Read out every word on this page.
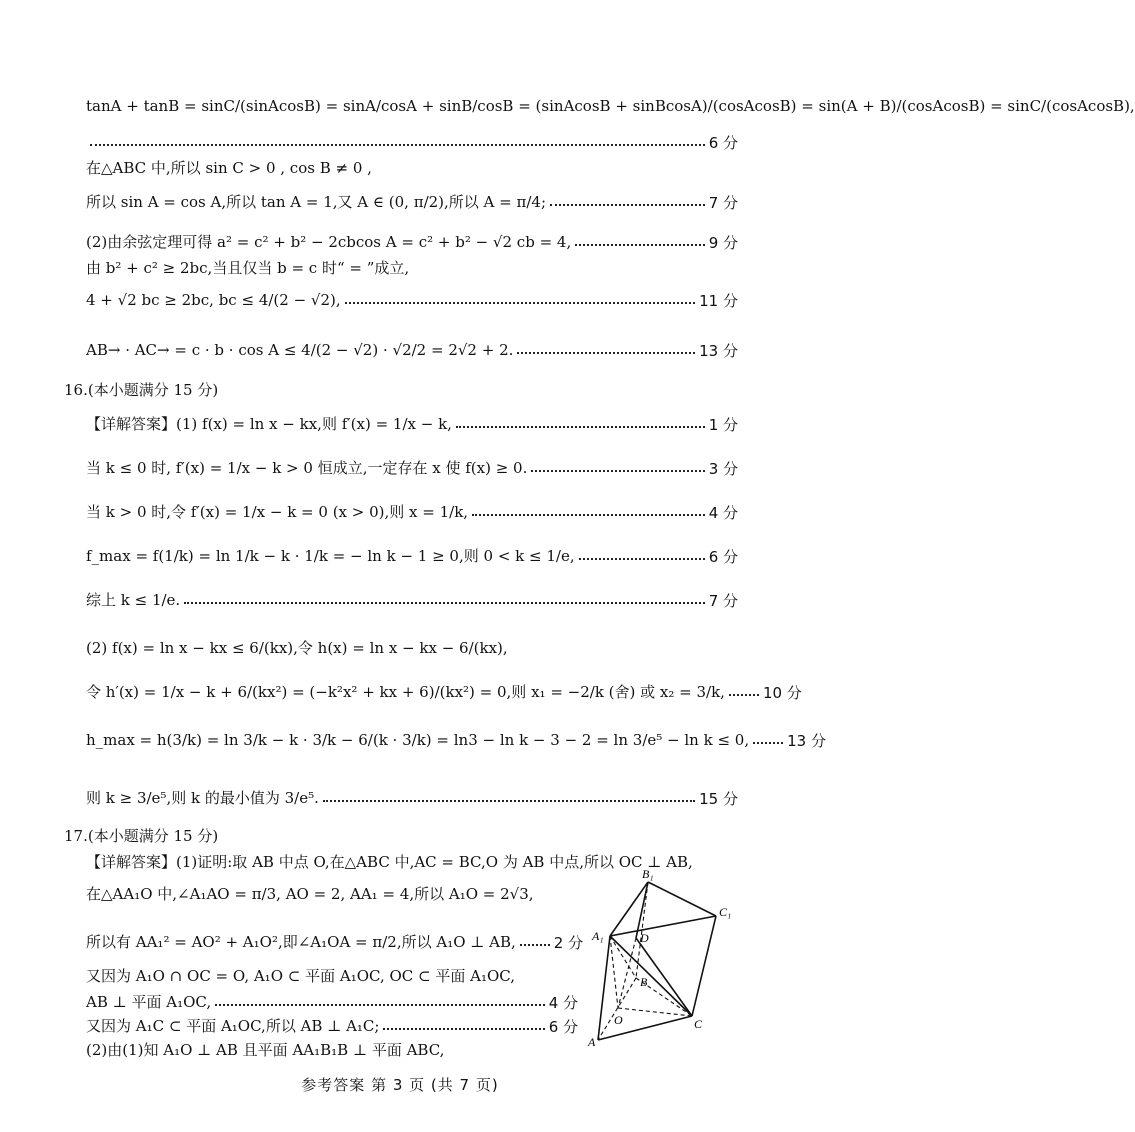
tanA + tanB = sinC/(sinAcosB) = sinA/cosA + sinB/cosB = (sinAcosB + sinBcosA)/(cosAcosB) = sin(A + B)/(cosAcosB) = sinC/(cosAcosB),
6 分
在△ABC 中,所以 sin C > 0 , cos B ≠ 0 ,
所以 sin A = cos A,所以 tan A = 1,又 A ∈ (0, π/2),所以 A = π/4;	7 分
(2)由余弦定理可得 a² = c² + b² − 2cbcos A = c² + b² − √2 cb = 4,	9 分
由 b² + c² ≥ 2bc,当且仅当 b = c 时“ = ”成立,
4 + √2 bc ≥ 2bc, bc ≤ 4/(2 − √2),	11 分
AB→ · AC→ = c · b · cos A ≤ 4/(2 − √2) · √2/2 = 2√2 + 2.	13 分
16.(本小题满分 15 分)
【详解答案】(1) f(x) = ln x − kx,则 f′(x) = 1/x − k,	1 分
当 k ≤ 0 时, f′(x) = 1/x − k > 0 恒成立,一定存在 x 使 f(x) ≥ 0.	3 分
当 k > 0 时,令 f′(x) = 1/x − k = 0 (x > 0),则 x = 1/k,	4 分
f_max = f(1/k) = ln 1/k − k · 1/k = − ln k − 1 ≥ 0,则 0 < k ≤ 1/e,	6 分
综上 k ≤ 1/e.	7 分
(2) f(x) = ln x − kx ≤ 6/(kx),令 h(x) = ln x − kx − 6/(kx),
令 h′(x) = 1/x − k + 6/(kx²) = (−k²x² + kx + 6)/(kx²) = 0,则 x₁ = −2/k (舍) 或 x₂ = 3/k,	10 分
h_max = h(3/k) = ln 3/k − k · 3/k − 6/(k · 3/k) = ln3 − ln k − 3 − 2 = ln 3/e⁵ − ln k ≤ 0,	13 分
则 k ≥ 3/e⁵,则 k 的最小值为 3/e⁵.	15 分
17.(本小题满分 15 分)
【详解答案】(1)证明:取 AB 中点 O,在△ABC 中,AC = BC,O 为 AB 中点,所以 OC ⊥ AB,
在△AA₁O 中,∠A₁AO = π/3, AO = 2, AA₁ = 4,所以 A₁O = 2√3,
所以有 AA₁² = AO² + A₁O²,即∠A₁OA = π/2,所以 A₁O ⊥ AB,	2 分
又因为 A₁O ∩ OC = O, A₁O ⊂ 平面 A₁OC, OC ⊂ 平面 A₁OC,
AB ⊥ 平面 A₁OC,	4 分
又因为 A₁C ⊂ 平面 A₁OC,所以 AB ⊥ A₁C;	6 分
(2)由(1)知 A₁O ⊥ AB 且平面 AA₁B₁B ⊥ 平面 ABC,
B₁
C₁
A₁	D
B
O	C
A
参考答案 第 3 页 (共 7 页)
